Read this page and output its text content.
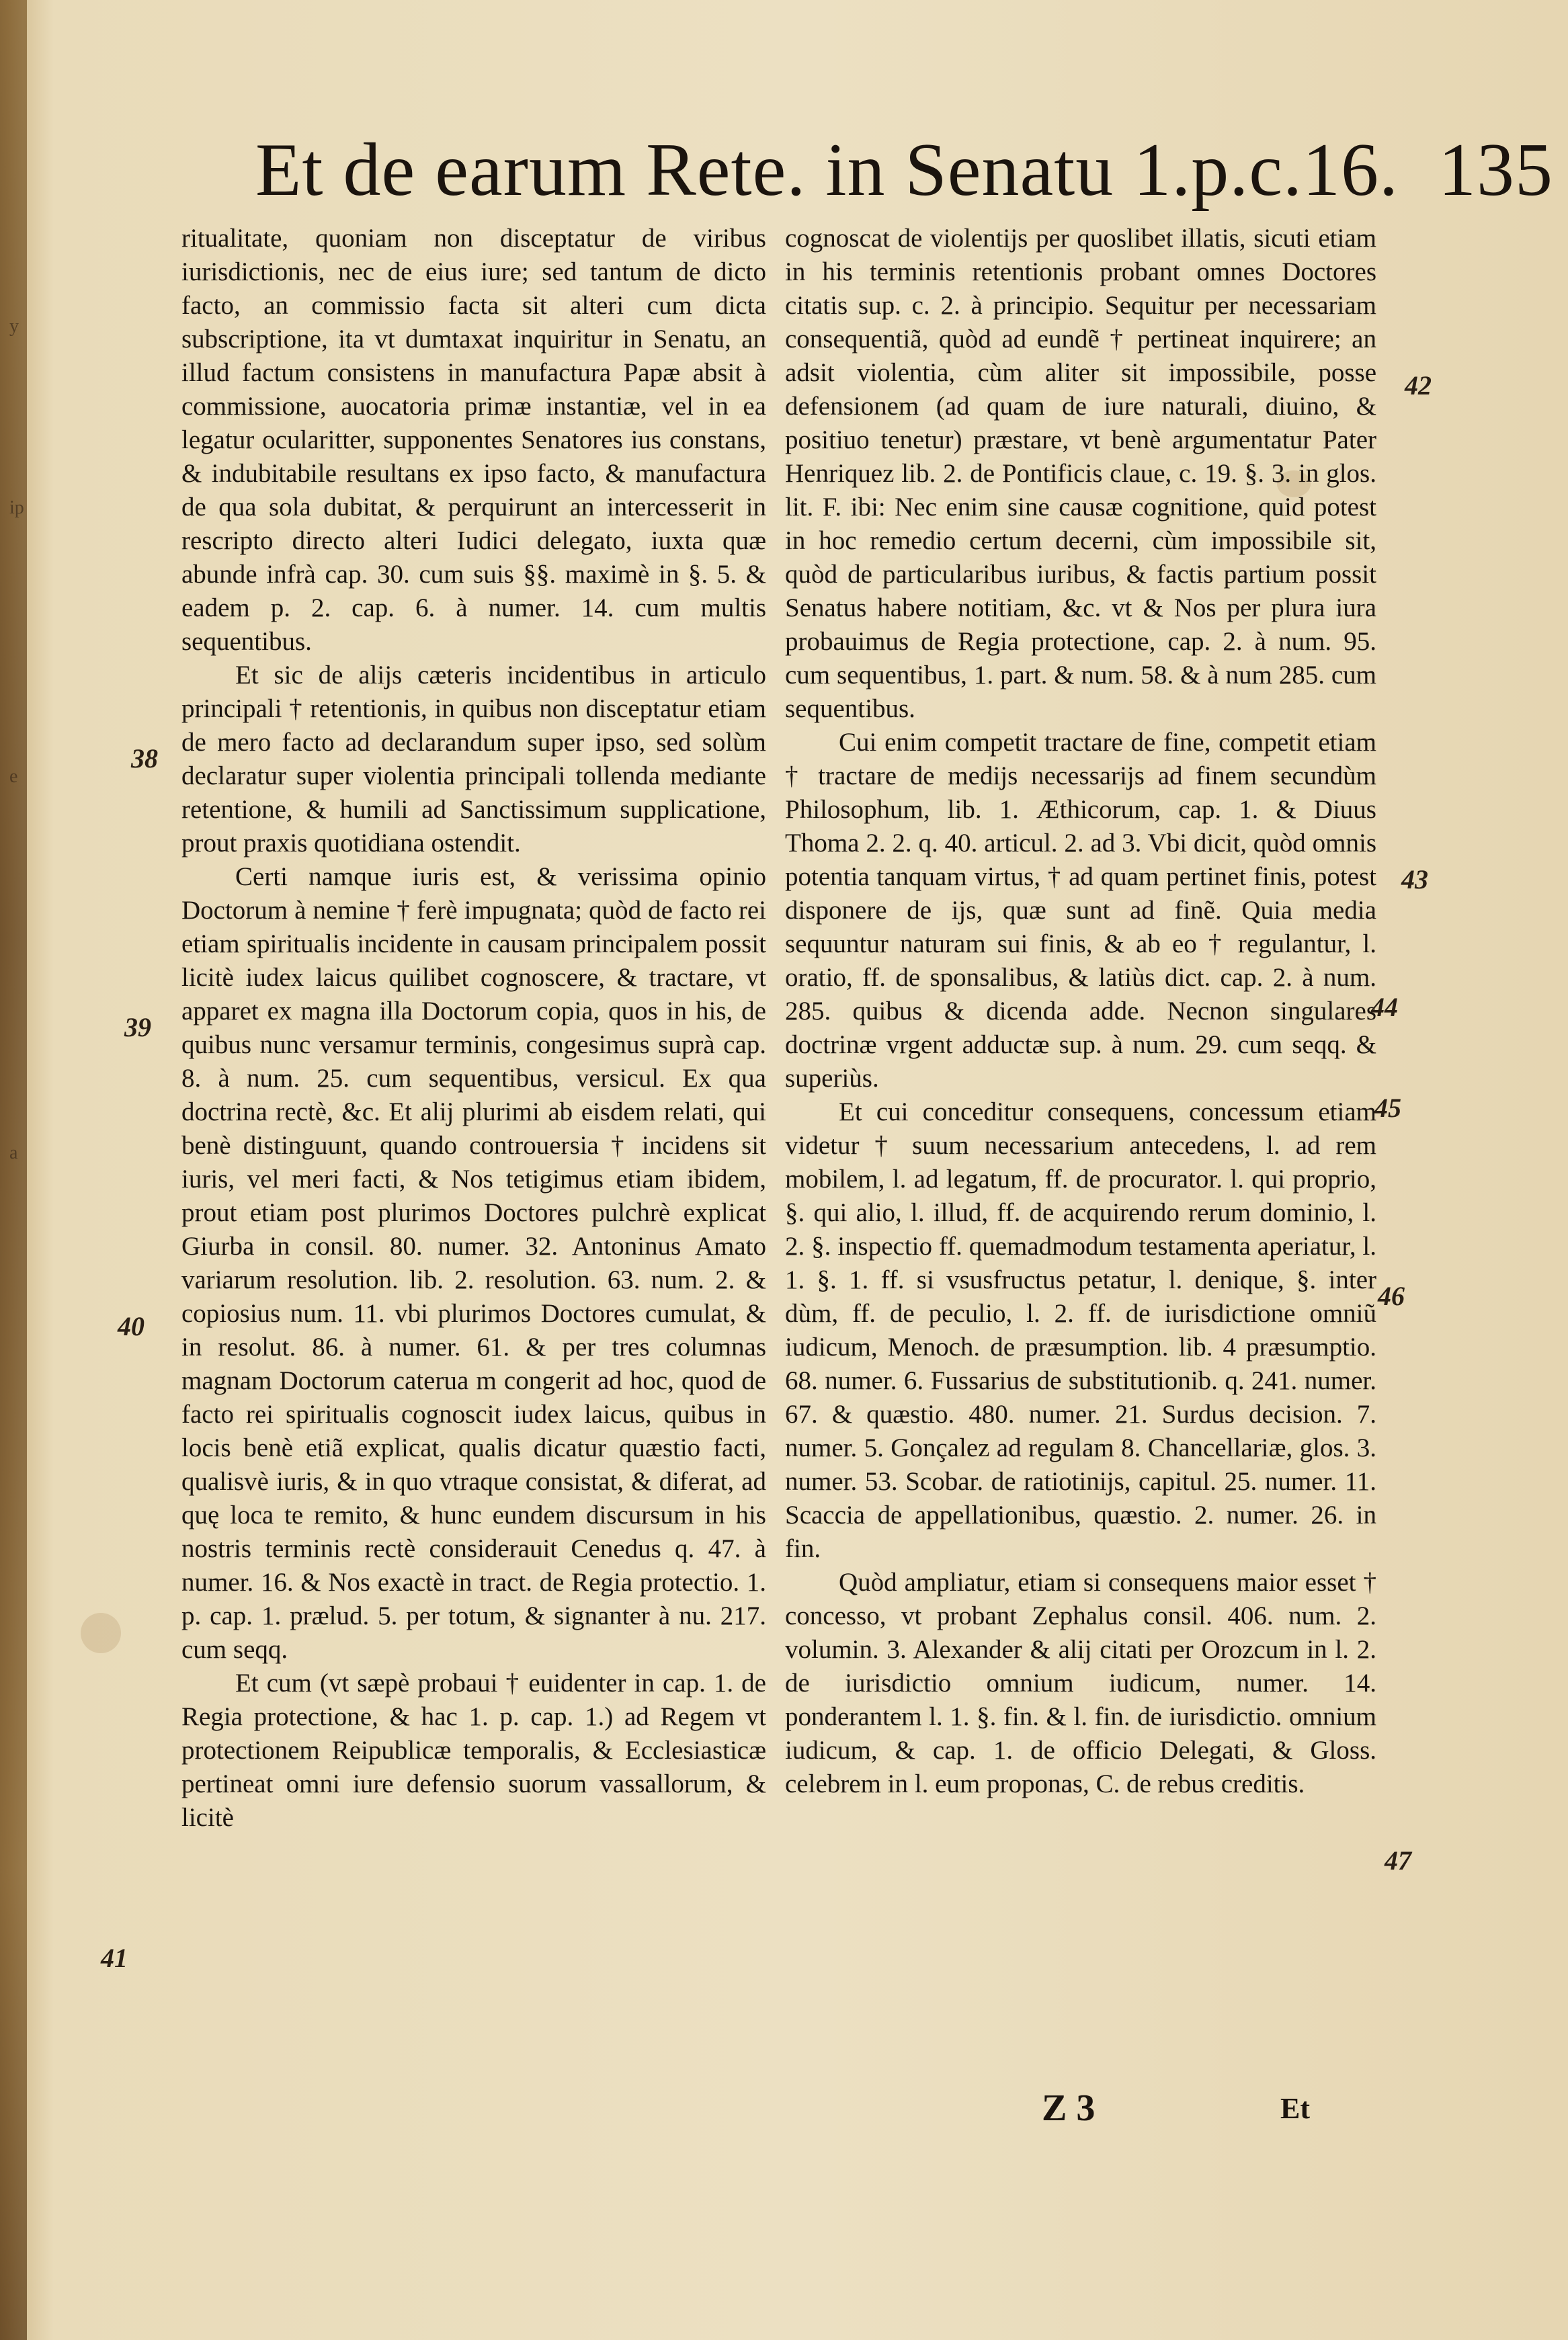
y
ip
e
a
Et de earum Rete. in Senatu 1.p.c.16. 135

ritualitate, quoniam non disceptatur de viribus iurisdictionis, nec de eius iure; sed tantum de dicto facto, an commissio facta sit alteri cum dicta subscriptione, ita vt dumtaxat inquiritur in Senatu, an illud factum consistens in manufactura Papæ absit à commissione, auocatoria primæ instantiæ, vel in ea legatur ocularitter, supponentes Senatores ius constans, & indubitabile resultans ex ipso facto, & manufactura de qua sola dubitat, & perquirunt an intercesserit in rescripto directo alteri Iudici delegato, iuxta quæ abunde infrà cap. 30. cum suis §§. maximè in §. 5. & eadem p. 2. cap. 6. à numer. 14. cum multis sequentibus.

Et sic de alijs cæteris incidentibus in articulo principali † retentionis, in quibus non disceptatur etiam de mero facto ad declarandum super ipso, sed solùm declaratur super violentia principali tollenda mediante retentione, & humili ad Sanctissimum supplicatione, prout praxis quotidiana ostendit.

Certi namque iuris est, & verissima opinio Doctorum à nemine † ferè impugnata; quòd de facto rei etiam spiritualis incidente in causam principalem possit licitè iudex laicus quilibet cognoscere, & tractare, vt apparet ex magna illa Doctorum copia, quos in his, de quibus nunc versamur terminis, congesimus suprà cap. 8. à num. 25. cum sequentibus, versicul. Ex qua doctrina rectè, &c. Et alij plurimi ab eisdem relati, qui benè distinguunt, quando controuersia † incidens sit iuris, vel meri facti, & Nos tetigimus etiam ibidem, prout etiam post plurimos Doctores pulchrè explicat Giurba in consil. 80. numer. 32. Antoninus Amato variarum resolution. lib. 2. resolution. 63. num. 2. & copiosius num. 11. vbi plurimos Doctores cumulat, & in resolut. 86. à numer. 61. & per tres columnas magnam Doctorum caterua m congerit ad hoc, quod de facto rei spiritualis cognoscit iudex laicus, quibus in locis benè etiã explicat, qualis dicatur quæstio facti, qualisvè iuris, & in quo vtraque consistat, & diferat, ad quę loca te remito, & hunc eundem discursum in his nostris terminis rectè considerauit Cenedus q. 47. à numer. 16. & Nos exactè in tract. de Regia protectio. 1. p. cap. 1. prælud. 5. per totum, & signanter à nu. 217. cum seqq.

Et cum (vt sæpè probaui † euidenter in cap. 1. de Regia protectione, & hac 1. p. cap. 1.) ad Regem vt protectionem Reipublicæ temporalis, & Ecclesiasticæ pertineat omni iure defensio suorum vassallorum, & licitè

cognoscat de violentijs per quoslibet illatis, sicuti etiam in his terminis retentionis probant omnes Doctores citatis sup. c. 2. à principio. Sequitur per necessariam consequentiã, quòd ad eundẽ † pertineat inquirere; an adsit violentia, cùm aliter sit impossibile, posse defensionem (ad quam de iure naturali, diuino, & positiuo tenetur) præstare, vt benè argumentatur Pater Henriquez lib. 2. de Pontificis claue, c. 19. §. 3. in glos. lit. F. ibi: Nec enim sine causæ cognitione, quid potest in hoc remedio certum decerni, cùm impossibile sit, quòd de particularibus iuribus, & factis partium possit Senatus habere notitiam, &c. vt & Nos per plura iura probauimus de Regia protectione, cap. 2. à num. 95. cum sequentibus, 1. part. & num. 58. & à num 285. cum sequentibus.

Cui enim competit tractare de fine, competit etiam † tractare de medijs necessarijs ad finem secundùm Philosophum, lib. 1. Æthicorum, cap. 1. & Diuus Thoma 2. 2. q. 40. articul. 2. ad 3. Vbi dicit, quòd omnis potentia tanquam virtus, † ad quam pertinet finis, potest disponere de ijs, quæ sunt ad finẽ. Quia media sequuntur naturam sui finis, & ab eo † regulantur, l. oratio, ff. de sponsalibus, & latiùs dict. cap. 2. à num. 285. quibus & dicenda adde. Necnon singulares doctrinæ vrgent adductæ sup. à num. 29. cum seqq. & superiùs.

Et cui conceditur consequens, concessum etiam videtur † suum necessarium antecedens, l. ad rem mobilem, l. ad legatum, ff. de procurator. l. qui proprio, §. qui alio, l. illud, ff. de acquirendo rerum dominio, l. 2. §. inspectio ff. quemadmodum testamenta aperiatur, l. 1. §. 1. ff. si vsusfructus petatur, l. denique, §. inter dùm, ff. de peculio, l. 2. ff. de iurisdictione omniũ iudicum, Menoch. de præsumption. lib. 4 præsumptio. 68. numer. 6. Fussarius de substitutionib. q. 241. numer. 67. & quæstio. 480. numer. 21. Surdus decision. 7. numer. 5. Gonçalez ad regulam 8. Chancellariæ, glos. 3. numer. 53. Scobar. de ratiotinijs, capitul. 25. numer. 11. Scaccia de appellationibus, quæstio. 2. numer. 26. in fin.

Quòd ampliatur, etiam si consequens maior esset † concesso, vt probant Zephalus consil. 406. num. 2. volumin. 3. Alexander & alij citati per Orozcum in l. 2. de iurisdictio omnium iudicum, numer. 14. ponderantem l. 1. §. fin. & l. fin. de iurisdictio. omnium iudicum, & cap. 1. de officio Delegati, & Gloss. celebrem in l. eum proponas, C. de rebus creditis.

38
39
40
41
42
43
44
45
46
47
Z 3	Et
